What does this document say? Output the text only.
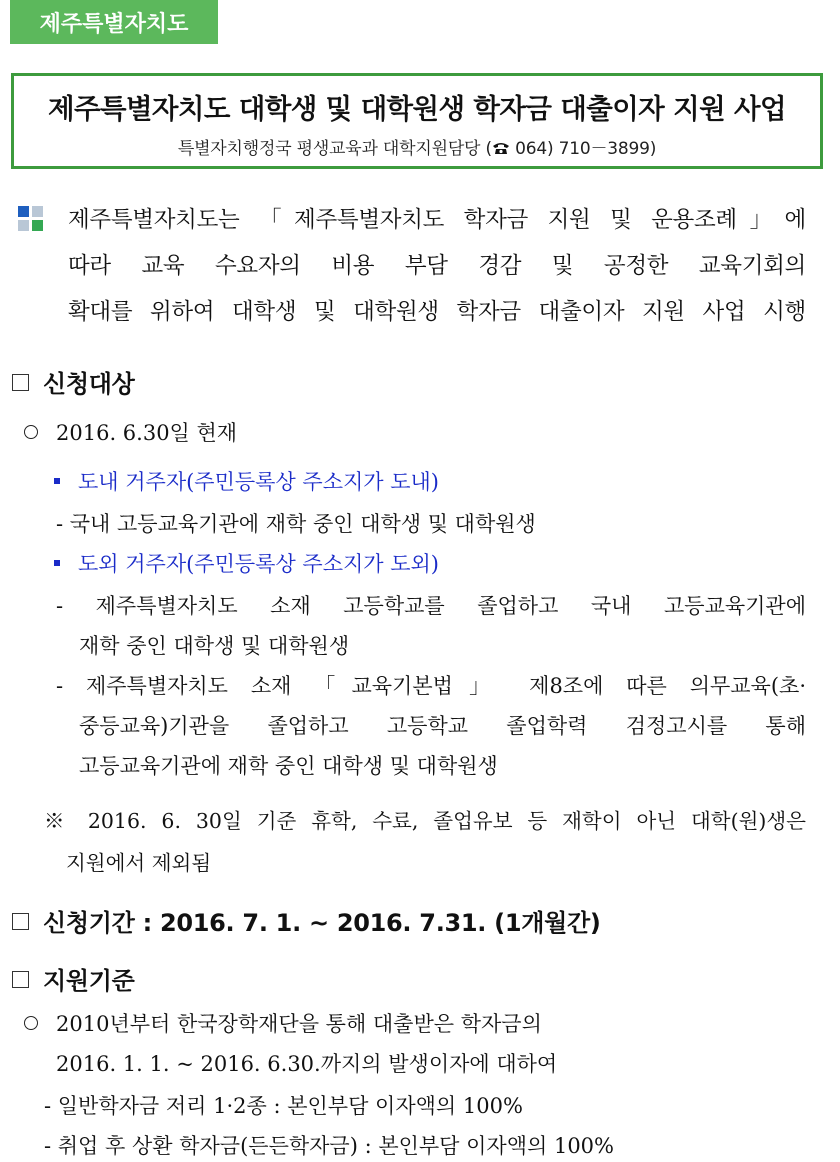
제주특별자치도
제주특별자치도 대학생 및 대학원생 학자금 대출이자 지원 사업
특별자치행정국 평생교육과 대학지원담당 ( 064) 710－3899)
제주특별자치도는 「제주특별자치도 학자금 지원 및 운용조례」에
따라 교육 수요자의 비용 부담 경감 및 공정한 교육기회의
확대를 위하여 대학생 및 대학원생 학자금 대출이자 지원 사업 시행
신청대상
2016. 6.30일 현재
도내 거주자(주민등록상 주소지가 도내)
- 국내 고등교육기관에 재학 중인 대학생 및 대학원생
도외 거주자(주민등록상 주소지가 도외)
- 제주특별자치도 소재 고등학교를 졸업하고 국내 고등교육기관에
재학 중인 대학생 및 대학원생
- 제주특별자치도 소재 「교육기본법」 제8조에 따른 의무교육(초·
중등교육)기관을 졸업하고 고등학교 졸업학력 검정고시를 통해
고등교육기관에 재학 중인 대학생 및 대학원생
※ 2016. 6. 30일 기준 휴학, 수료, 졸업유보 등 재학이 아닌 대학(원)생은
지원에서 제외됨
신청기간 : 2016. 7. 1. ~ 2016. 7.31. (1개월간)
지원기준
2010년부터 한국장학재단을 통해 대출받은 학자금의
2016. 1. 1. ~ 2016. 6.30.까지의 발생이자에 대하여
- 일반학자금 저리 1·2종 : 본인부담 이자액의 100%
- 취업 후 상환 학자금(든든학자금) : 본인부담 이자액의 100%
